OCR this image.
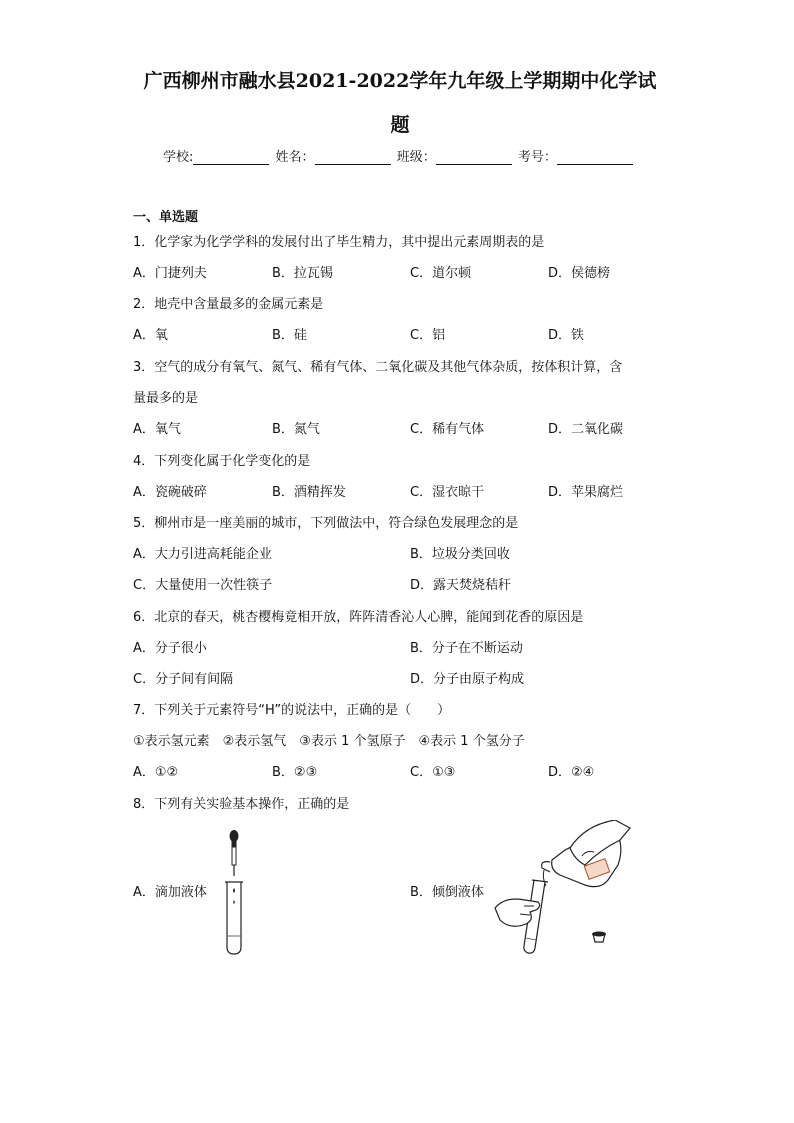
广西柳州市融水县2021-2022学年九年级上学期期中化学试
题
学校:	姓名：	班级：	考号：
一、单选题
1．化学家为化学学科的发展付出了毕生精力，其中提出元素周期表的是
A．门捷列夫	B．拉瓦锡	C．道尔顿	D．侯德榜
2．地壳中含量最多的金属元素是
A．氧	B．硅	C．铝	D．铁
3．空气的成分有氧气、氮气、稀有气体、二氧化碳及其他气体杂质，按体积计算，含
量最多的是
A．氧气	B．氮气	C．稀有气体	D．二氧化碳
4．下列变化属于化学变化的是
A．瓷碗破碎	B．酒精挥发	C．湿衣晾干	D．苹果腐烂
5．柳州市是一座美丽的城市，下列做法中，符合绿色发展理念的是
A．大力引进高耗能企业	B．垃圾分类回收
C．大量使用一次性筷子	D．露天焚烧秸秆
6．北京的春天，桃杏樱梅竟相开放，阵阵清香沁人心脾，能闻到花香的原因是
A．分子很小	B．分子在不断运动
C．分子间有间隔	D．分子由原子构成
7．下列关于元素符号“H”的说法中，正确的是（　　）
①表示氢元素　②表示氢气　③表示 1 个氢原子　④表示 1 个氢分子
A．①②	B．②③	C．①③	D．②④
8．下列有关实验基本操作，正确的是
A．滴加液体	B．倾倒液体
